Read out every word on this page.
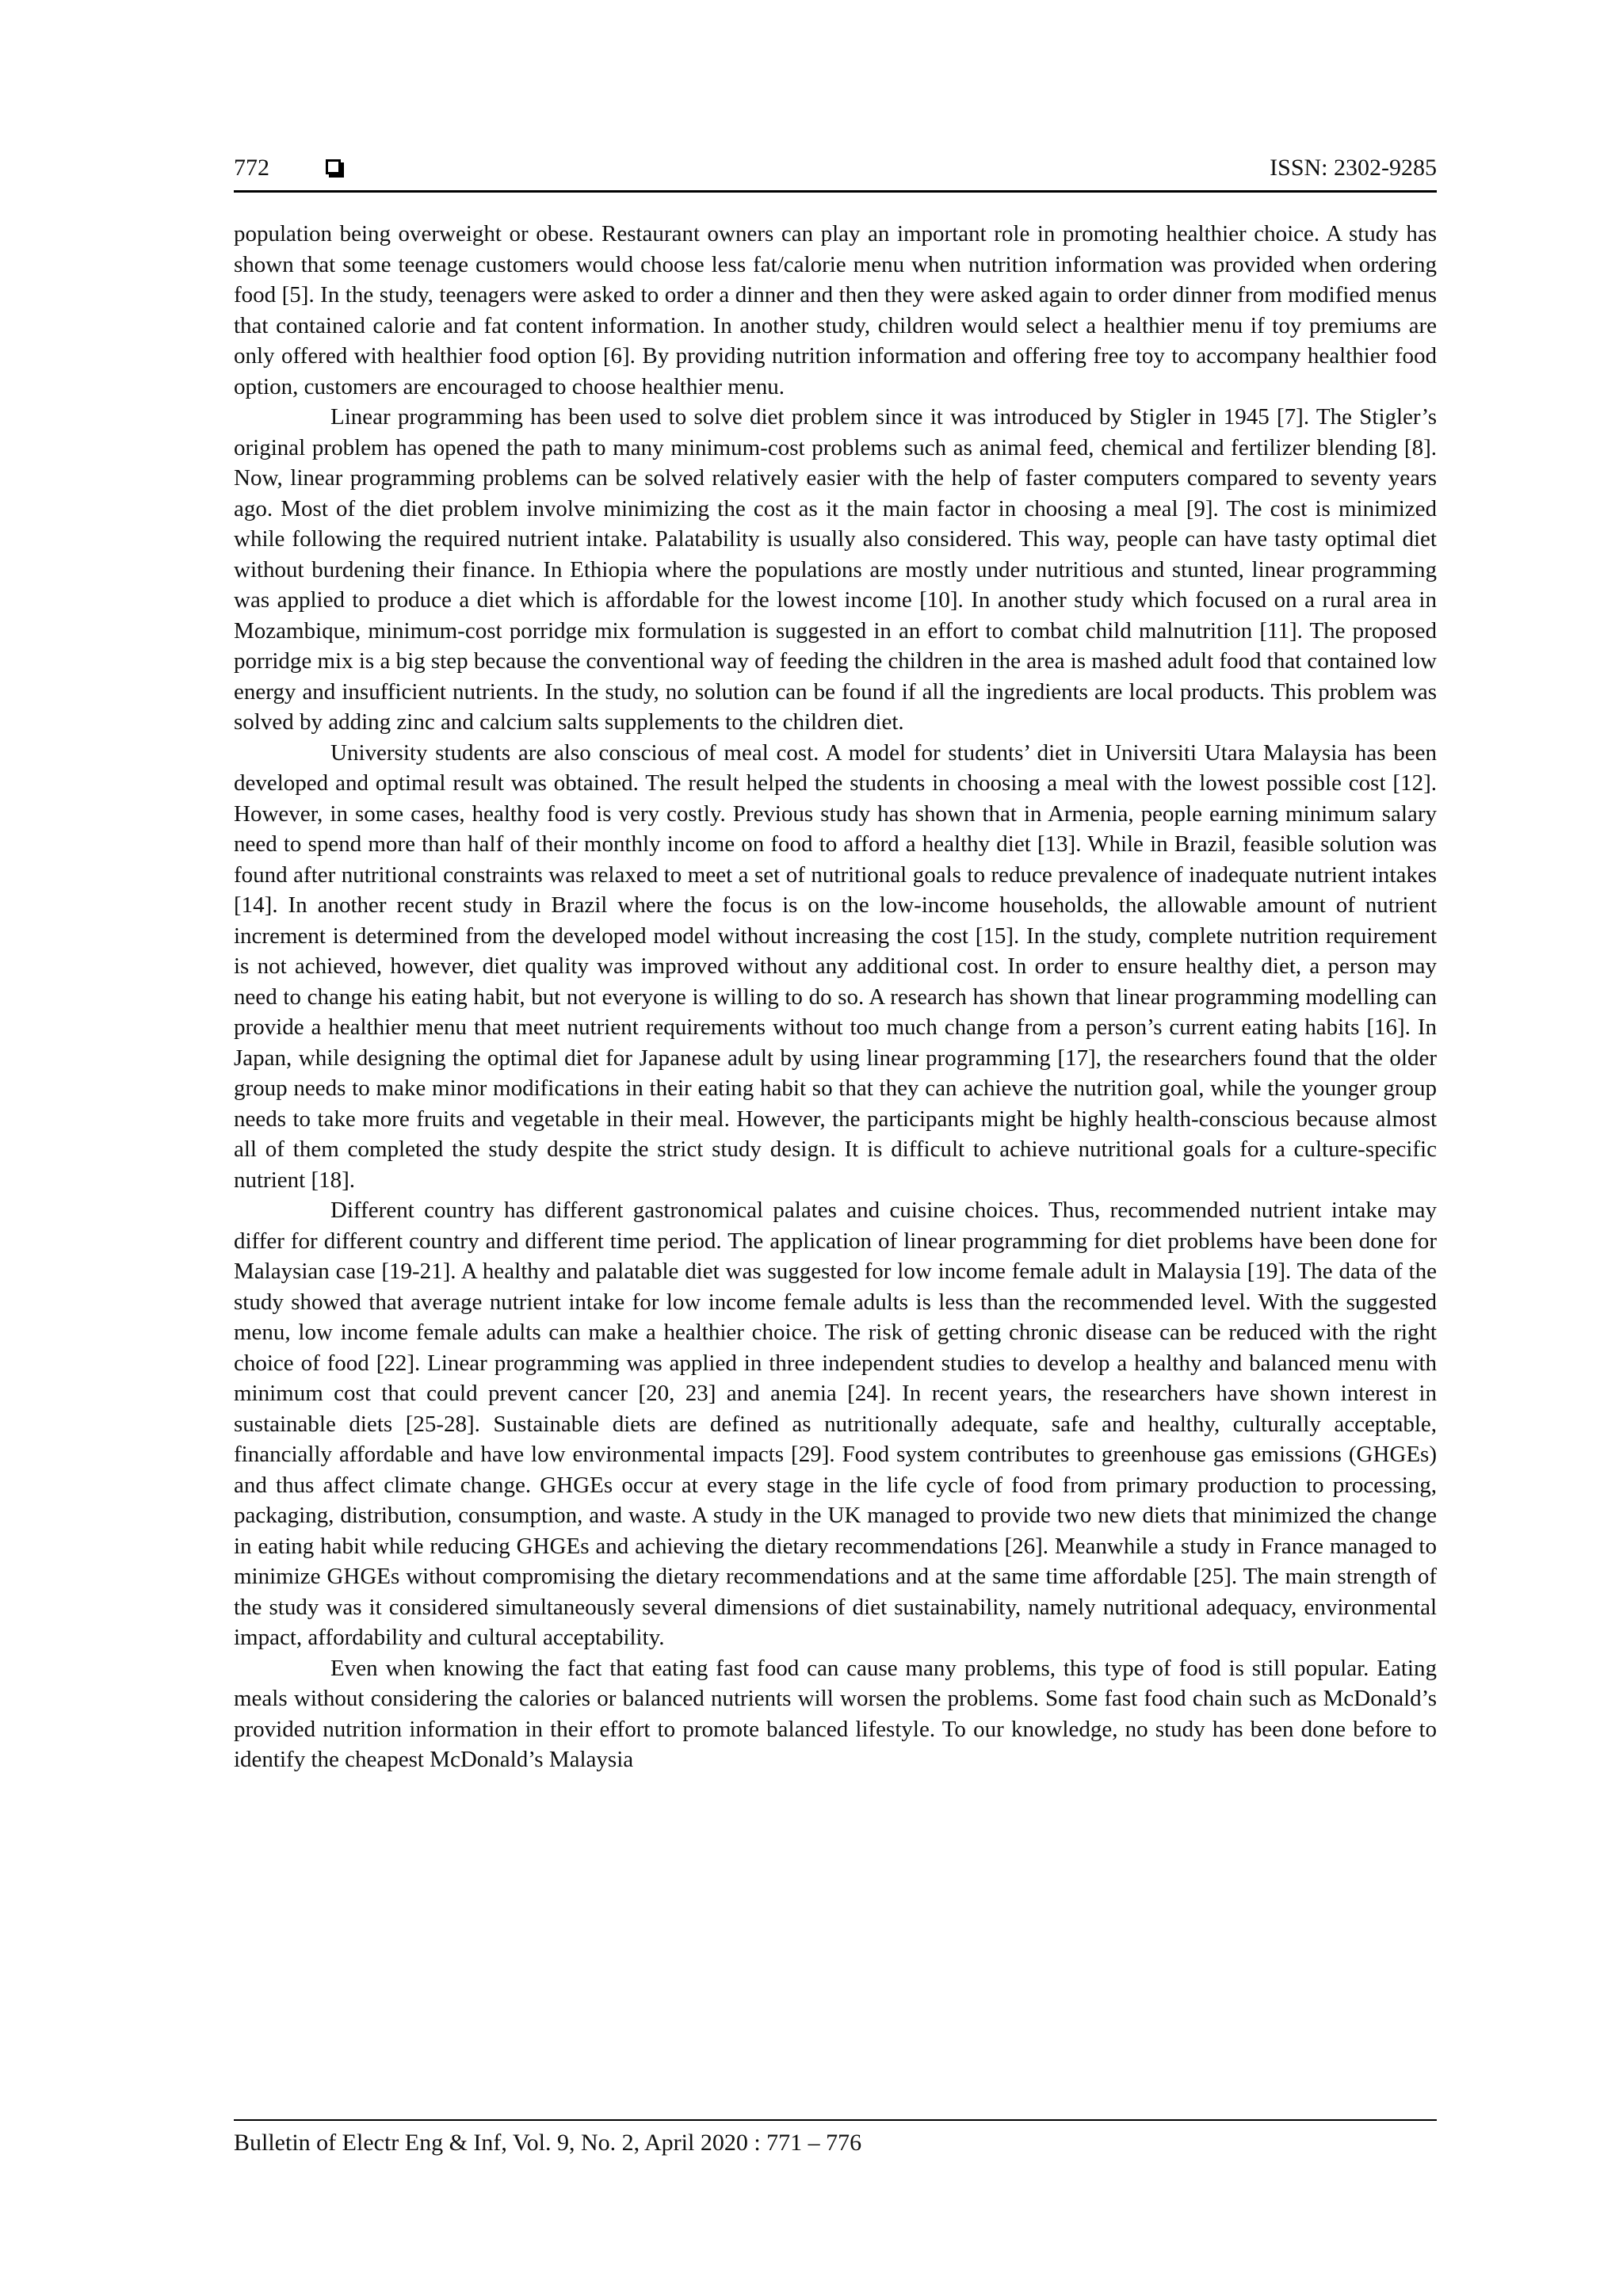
772	ISSN: 2302-9285

population being overweight or obese. Restaurant owners can play an important role in promoting healthier choice. A study has shown that some teenage customers would choose less fat/calorie menu when nutrition information was provided when ordering food [5]. In the study, teenagers were asked to order a dinner and then they were asked again to order dinner from modified menus that contained calorie and fat content information. In another study, children would select a healthier menu if toy premiums are only offered with healthier food option [6]. By providing nutrition information and offering free toy to accompany healthier food option, customers are encouraged to choose healthier menu.

Linear programming has been used to solve diet problem since it was introduced by Stigler in 1945 [7]. The Stigler’s original problem has opened the path to many minimum-cost problems such as animal feed, chemical and fertilizer blending [8]. Now, linear programming problems can be solved relatively easier with the help of faster computers compared to seventy years ago. Most of the diet problem involve minimizing the cost as it the main factor in choosing a meal [9]. The cost is minimized while following the required nutrient intake. Palatability is usually also considered. This way, people can have tasty optimal diet without burdening their finance. In Ethiopia where the populations are mostly under nutritious and stunted, linear programming was applied to produce a diet which is affordable for the lowest income [10]. In another study which focused on a rural area in Mozambique, minimum-cost porridge mix formulation is suggested in an effort to combat child malnutrition [11]. The proposed porridge mix is a big step because the conventional way of feeding the children in the area is mashed adult food that contained low energy and insufficient nutrients. In the study, no solution can be found if all the ingredients are local products. This problem was solved by adding zinc and calcium salts supplements to the children diet.

University students are also conscious of meal cost. A model for students’ diet in Universiti Utara Malaysia has been developed and optimal result was obtained. The result helped the students in choosing a meal with the lowest possible cost [12]. However, in some cases, healthy food is very costly. Previous study has shown that in Armenia, people earning minimum salary need to spend more than half of their monthly income on food to afford a healthy diet [13]. While in Brazil, feasible solution was found after nutritional constraints was relaxed to meet a set of nutritional goals to reduce prevalence of inadequate nutrient intakes [14]. In another recent study in Brazil where the focus is on the low-income households, the allowable amount of nutrient increment is determined from the developed model without increasing the cost [15]. In the study, complete nutrition requirement is not achieved, however, diet quality was improved without any additional cost. In order to ensure healthy diet, a person may need to change his eating habit, but not everyone is willing to do so. A research has shown that linear programming modelling can provide a healthier menu that meet nutrient requirements without too much change from a person’s current eating habits [16]. In Japan, while designing the optimal diet for Japanese adult by using linear programming [17], the researchers found that the older group needs to make minor modifications in their eating habit so that they can achieve the nutrition goal, while the younger group needs to take more fruits and vegetable in their meal. However, the participants might be highly health-conscious because almost all of them completed the study despite the strict study design. It is difficult to achieve nutritional goals for a culture-specific nutrient [18].

Different country has different gastronomical palates and cuisine choices. Thus, recommended nutrient intake may differ for different country and different time period. The application of linear programming for diet problems have been done for Malaysian case [19-21]. A healthy and palatable diet was suggested for low income female adult in Malaysia [19]. The data of the study showed that average nutrient intake for low income female adults is less than the recommended level. With the suggested menu, low income female adults can make a healthier choice. The risk of getting chronic disease can be reduced with the right choice of food [22]. Linear programming was applied in three independent studies to develop a healthy and balanced menu with minimum cost that could prevent cancer [20, 23] and anemia [24]. In recent years, the researchers have shown interest in sustainable diets [25-28]. Sustainable diets are defined as nutritionally adequate, safe and healthy, culturally acceptable, financially affordable and have low environmental impacts [29]. Food system contributes to greenhouse gas emissions (GHGEs) and thus affect climate change. GHGEs occur at every stage in the life cycle of food from primary production to processing, packaging, distribution, consumption, and waste. A study in the UK managed to provide two new diets that minimized the change in eating habit while reducing GHGEs and achieving the dietary recommendations [26]. Meanwhile a study in France managed to minimize GHGEs without compromising the dietary recommendations and at the same time affordable [25]. The main strength of the study was it considered simultaneously several dimensions of diet sustainability, namely nutritional adequacy, environmental impact, affordability and cultural acceptability.

Even when knowing the fact that eating fast food can cause many problems, this type of food is still popular. Eating meals without considering the calories or balanced nutrients will worsen the problems. Some fast food chain such as McDonald’s provided nutrition information in their effort to promote balanced lifestyle. To our knowledge, no study has been done before to identify the cheapest McDonald’s Malaysia

Bulletin of Electr Eng & Inf, Vol. 9, No. 2, April 2020 : 771 – 776
